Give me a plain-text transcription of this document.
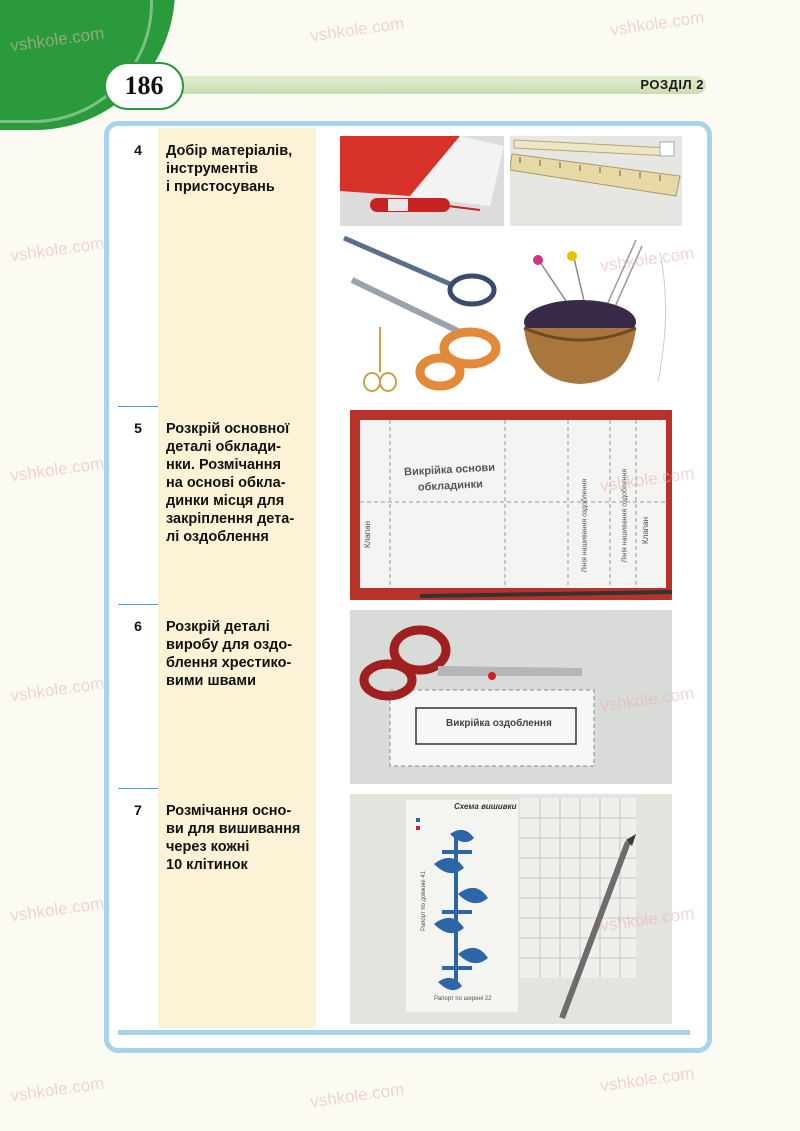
186	РОЗДІЛ 2
4	Добір матеріалів,
інструментів
і пристосувань
5	Розкрій основної
деталі обклади-
нки. Розмічання
на основі обкла-
динки місця для
закріплення дета-
лі оздоблення
Викрійка основи
обкладинки
Клапан	Лінія нашивання оздоблення	Лінія нашивання оздоблення Клапан
6	Розкрій деталі
виробу для оздо-
блення хрестико-
вими швами
Викрійка оздоблення
7	Розмічання осно-
ви для вишивання
через кожні
10 клітинок
Схема вишивки
Рапорт по довжині 41
Рапорт по ширині 22
vshkole.com	vshkole.com	vshkole.com
vshkole.com	vshkole.com
vshkole.com	vshkole.com
vshkole.com	vshkole.com
vshkole.com	vshkole.com
vshkole.com	vshkole.com
vshkole.com
